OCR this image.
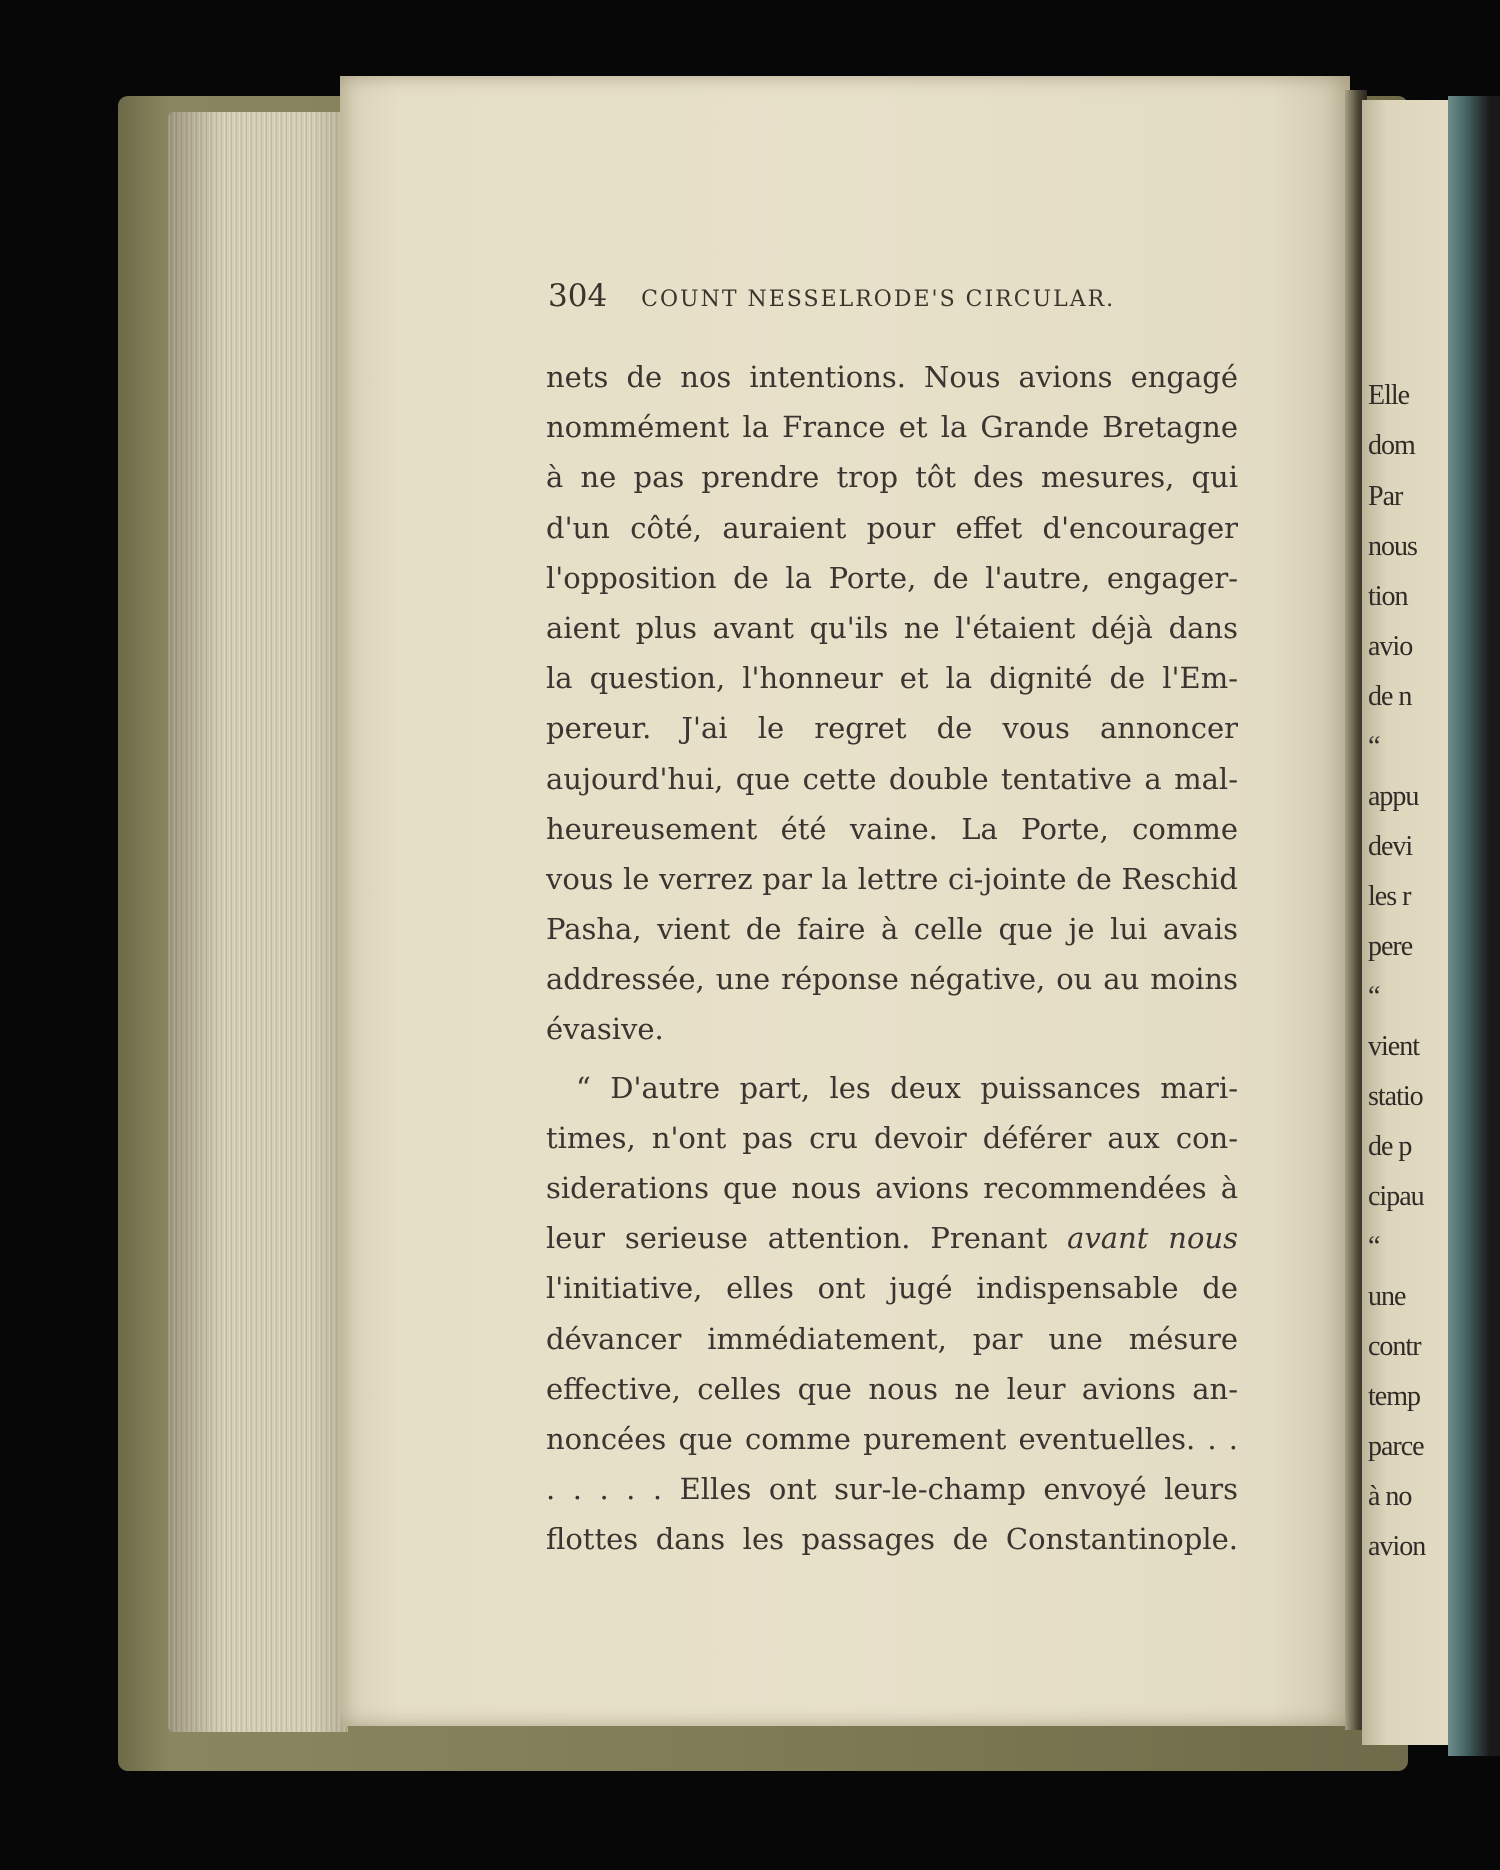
Elle
dom
Par
nous
tion
avio
de n
“
appu
devi
les r
pere
“
vient
statio
de p
cipau
“
une
contr
temp
parce
à no
avion
304 COUNT NESSELRODE'S CIRCULAR.
nets de nos intentions. Nous avions engagé
nommément la France et la Grande Bretagne
à ne pas prendre trop tôt des mesures, qui
d'un côté, auraient pour effet d'encourager
l'opposition de la Porte, de l'autre, engager-
aient plus avant qu'ils ne l'étaient déjà dans
la question, l'honneur et la dignité de l'Em-
pereur. J'ai le regret de vous annoncer
aujourd'hui, que cette double tentative a mal-
heureusement été vaine. La Porte, comme
vous le verrez par la lettre ci-jointe de Reschid
Pasha, vient de faire à celle que je lui avais
addressée, une réponse négative, ou au moins
évasive.
“ D'autre part, les deux puissances mari-
times, n'ont pas cru devoir déférer aux con-
siderations que nous avions recommendées à
leur serieuse attention. Prenant avant nous
l'initiative, elles ont jugé indispensable de
dévancer immédiatement, par une mésure
effective, celles que nous ne leur avions an-
noncées que comme purement eventuelles. . .
. . . . . Elles ont sur-le-champ envoyé leurs
flottes dans les passages de Constantinople.
